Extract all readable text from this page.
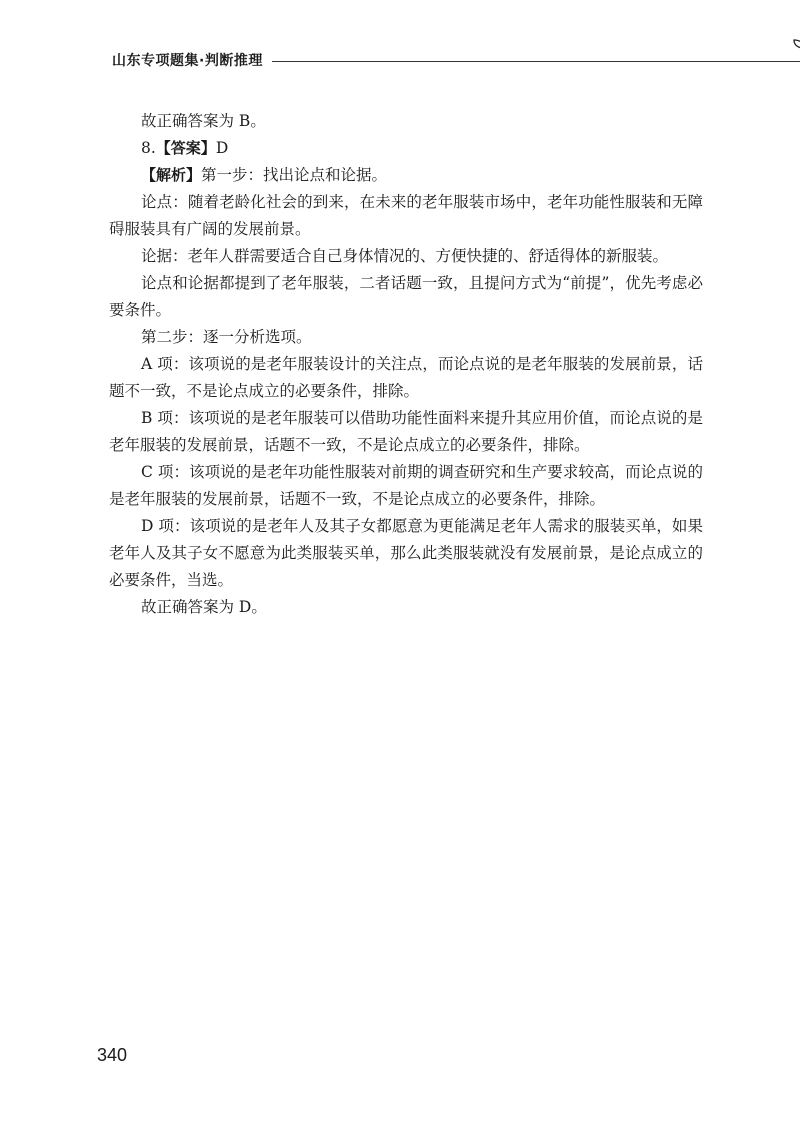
山东专项题集·判断推理

故正确答案为 B。

8.【答案】D

【解析】第一步：找出论点和论据。

论点：随着老龄化社会的到来，在未来的老年服装市场中，老年功能性服装和无障碍服装具有广阔的发展前景。

论据：老年人群需要适合自己身体情况的、方便快捷的、舒适得体的新服装。

论点和论据都提到了老年服装，二者话题一致，且提问方式为“前提”，优先考虑必要条件。

第二步：逐一分析选项。

A 项：该项说的是老年服装设计的关注点，而论点说的是老年服装的发展前景，话题不一致，不是论点成立的必要条件，排除。

B 项：该项说的是老年服装可以借助功能性面料来提升其应用价值，而论点说的是老年服装的发展前景，话题不一致，不是论点成立的必要条件，排除。

C 项：该项说的是老年功能性服装对前期的调查研究和生产要求较高，而论点说的是老年服装的发展前景，话题不一致，不是论点成立的必要条件，排除。

D 项：该项说的是老年人及其子女都愿意为更能满足老年人需求的服装买单，如果老年人及其子女不愿意为此类服装买单，那么此类服装就没有发展前景，是论点成立的必要条件，当选。

故正确答案为 D。

340
